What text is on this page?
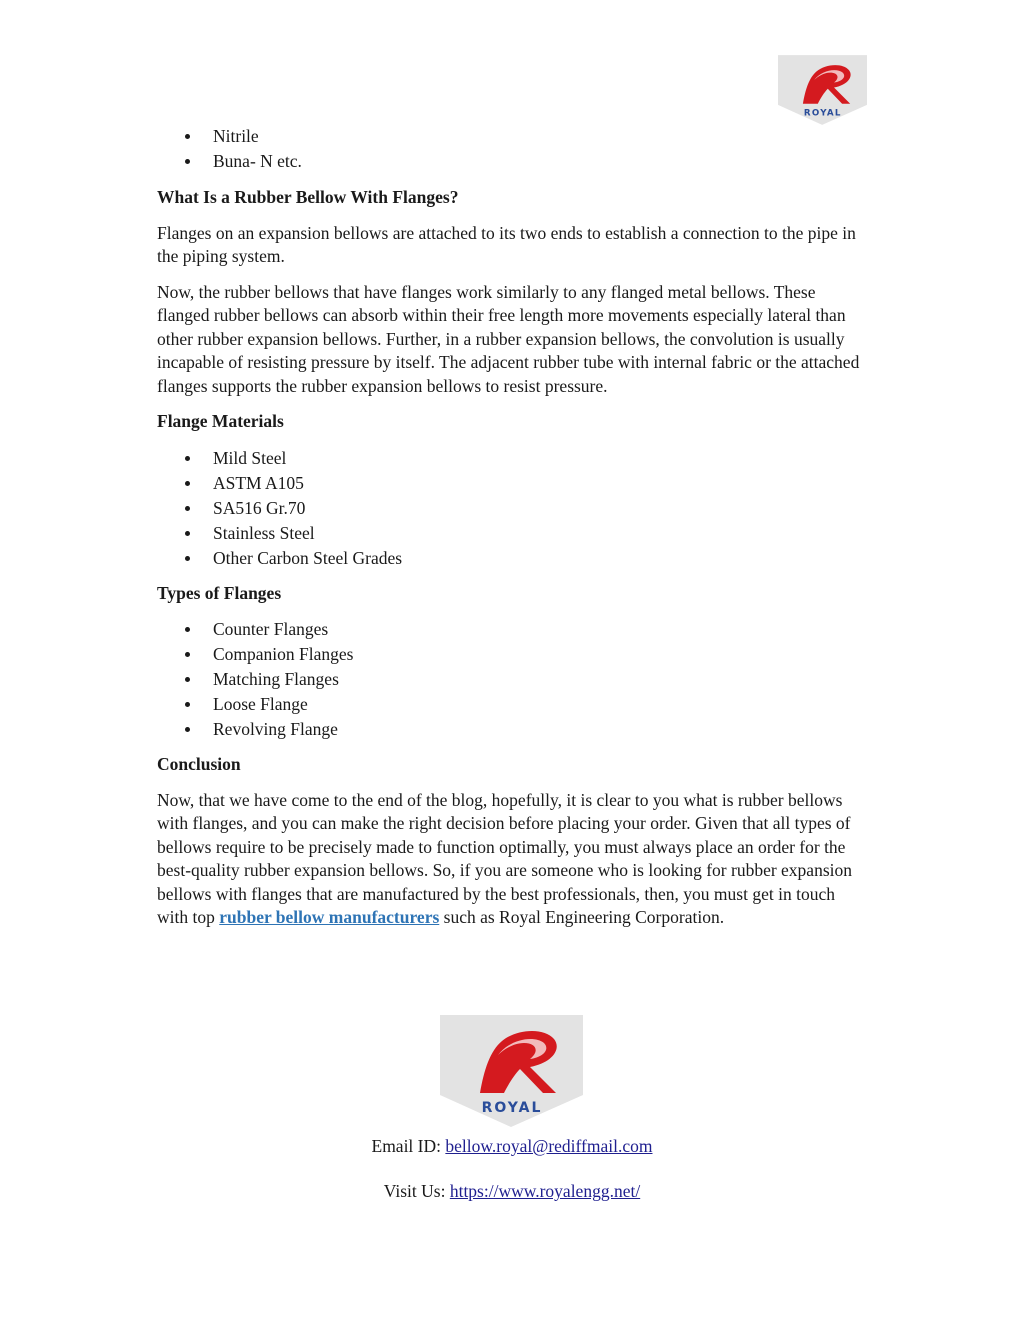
ROYAL
Nitrile
Buna- N etc.

What Is a Rubber Bellow With Flanges?

Flanges on an expansion bellows are attached to its two ends to establish a connection to the pipe in the piping system.

Now, the rubber bellows that have flanges work similarly to any flanged metal bellows. These flanged rubber bellows can absorb within their free length more movements especially lateral than other rubber expansion bellows. Further, in a rubber expansion bellows, the convolution is usually incapable of resisting pressure by itself. The adjacent rubber tube with internal fabric or the attached flanges supports the rubber expansion bellows to resist pressure.

Flange Materials

Mild Steel
ASTM A105
SA516 Gr.70
Stainless Steel
Other Carbon Steel Grades

Types of Flanges

Counter Flanges
Companion Flanges
Matching Flanges
Loose Flange
Revolving Flange

Conclusion

Now, that we have come to the end of the blog, hopefully, it is clear to you what is rubber bellows with flanges, and you can make the right decision before placing your order. Given that all types of bellows require to be precisely made to function optimally, you must always place an order for the best-quality rubber expansion bellows. So, if you are someone who is looking for rubber expansion bellows with flanges that are manufactured by the best professionals, then, you must get in touch with top rubber bellow manufacturers such as Royal Engineering Corporation.

ROYAL
Email ID: bellow.royal@rediffmail.com
Visit Us: https://www.royalengg.net/
